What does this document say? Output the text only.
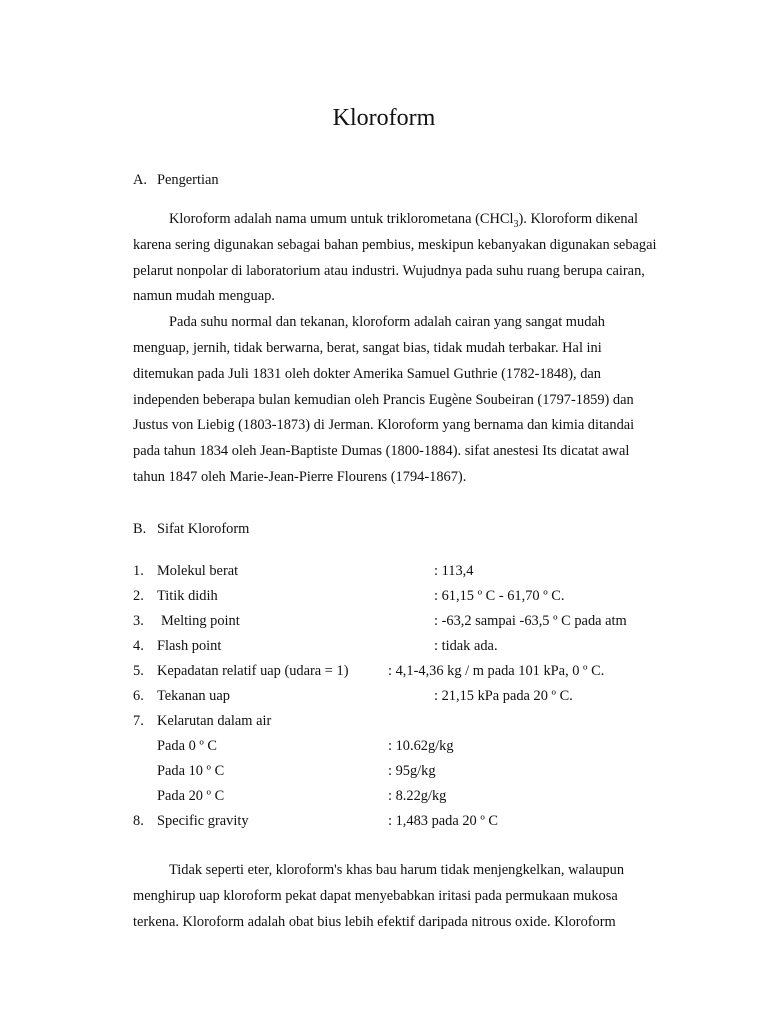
Kloroform
A. Pengertian

Kloroform adalah nama umum untuk triklorometana (CHCl$_3$). Kloroform dikenal karena sering digunakan sebagai bahan pembius, meskipun kebanyakan digunakan sebagai pelarut nonpolar di laboratorium atau industri. Wujudnya pada suhu ruang berupa cairan, namun mudah menguap.

Pada suhu normal dan tekanan, kloroform adalah cairan yang sangat mudah menguap, jernih, tidak berwarna, berat, sangat bias, tidak mudah terbakar. Hal ini ditemukan pada Juli 1831 oleh dokter Amerika Samuel Guthrie (1782-1848), dan independen beberapa bulan kemudian oleh Prancis Eugène Soubeiran (1797-1859) dan Justus von Liebig (1803-1873) di Jerman. Kloroform yang bernama dan kimia ditandai pada tahun 1834 oleh Jean-Baptiste Dumas (1800-1884). sifat anestesi Its dicatat awal tahun 1847 oleh Marie-Jean-Pierre Flourens (1794-1867).

B. Sifat Kloroform
1. Molekul berat	: 113,4
2. Titik didih	: 61,15 º C - 61,70 º C.
3. Melting point	: -63,2 sampai -63,5 º C pada atm
4. Flash point	: tidak ada.
5. Kepadatan relatif uap (udara = 1)	: 4,1-4,36 kg / m pada 101 kPa, 0 º C.
6. Tekanan uap	: 21,15 kPa pada 20 º C.
7. Kelarutan dalam air
Pada 0 º C	: 10.62g/kg
Pada 10 º C	: 95g/kg
Pada 20 º C	: 8.22g/kg
8. Specific gravity	: 1,483 pada 20 º C

Tidak seperti eter, kloroform's khas bau harum tidak menjengkelkan, walaupun menghirup uap kloroform pekat dapat menyebabkan iritasi pada permukaan mukosa terkena. Kloroform adalah obat bius lebih efektif daripada nitrous oxide. Kloroform
